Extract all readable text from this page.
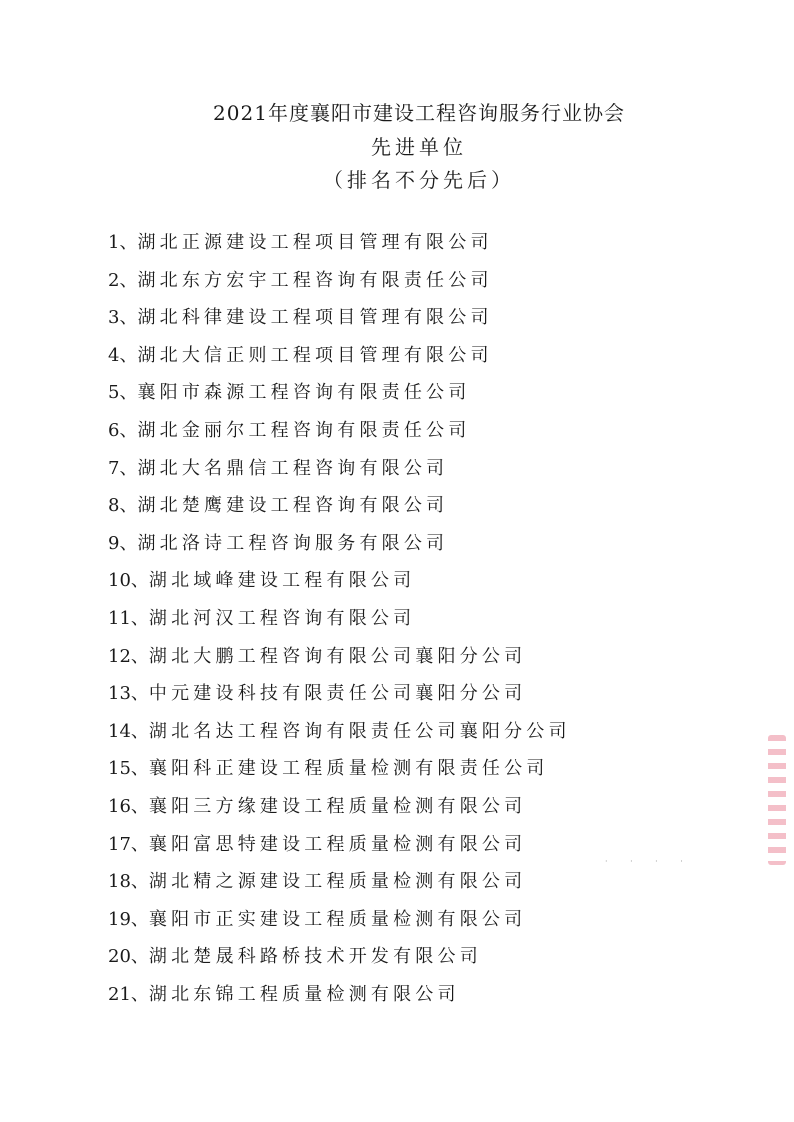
2021年度襄阳市建设工程咨询服务行业协会
先进单位
（排名不分先后）
1、湖北正源建设工程项目管理有限公司
2、湖北东方宏宇工程咨询有限责任公司
3、湖北科律建设工程项目管理有限公司
4、湖北大信正则工程项目管理有限公司
5、襄阳市森源工程咨询有限责任公司
6、湖北金丽尔工程咨询有限责任公司
7、湖北大名鼎信工程咨询有限公司
8、湖北楚鹰建设工程咨询有限公司
9、湖北洛诗工程咨询服务有限公司
10、湖北域峰建设工程有限公司
11、湖北河汉工程咨询有限公司
12、湖北大鹏工程咨询有限公司襄阳分公司
13、中元建设科技有限责任公司襄阳分公司
14、湖北名达工程咨询有限责任公司襄阳分公司
15、襄阳科正建设工程质量检测有限责任公司
16、襄阳三方缘建设工程质量检测有限公司
17、襄阳富思特建设工程质量检测有限公司
18、湖北精之源建设工程质量检测有限公司
19、襄阳市正实建设工程质量检测有限公司
20、湖北楚晟科路桥技术开发有限公司
21、湖北东锦工程质量检测有限公司
· · · ·
